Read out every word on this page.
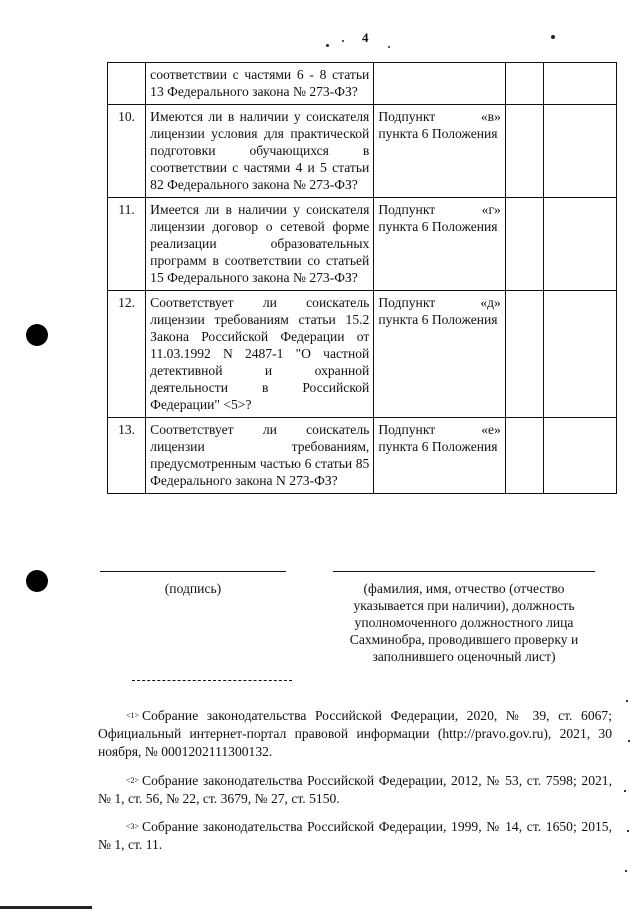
4
	соответствии с частями 6 - 8 статьи 13 Федерального закона № 273-ФЗ?			
10.	Имеются ли в наличии у соискателя лицензии условия для практической подготовки обучающихся в соответствии с частями 4 и 5 статьи 82 Федерального закона № 273-ФЗ?	Подпункт «в» пункта 6 Положения		
11.	Имеется ли в наличии у соискателя лицензии договор о сетевой форме реализации образовательных программ в соответствии со статьей 15 Федерального закона № 273-ФЗ?	Подпункт «г» пункта 6 Положения		
12.	Соответствует ли соискатель лицензии требованиям статьи 15.2 Закона Российской Федерации от 11.03.1992 N 2487-1 "О частной детективной и охранной деятельности в Российской Федерации" <5>?	Подпункт «д» пункта 6 Положения		
13.	Соответствует ли соискатель лицензии требованиям, предусмотренным частью 6 статьи 85 Федерального закона N 273-ФЗ?	Подпункт «е» пункта 6 Положения		
(подпись)	(фамилия, имя, отчество (отчество указывается при наличии), должность уполномоченного должностного лица Сахминобра, проводившего проверку и заполнившего оценочный лист)
<1> Собрание законодательства Российской Федерации, 2020, № 39, ст. 6067; Официальный интернет-портал правовой информации (http://pravo.gov.ru), 2021, 30 ноября, № 0001202111300132.
<2> Собрание законодательства Российской Федерации, 2012, № 53, ст. 7598; 2021, № 1, ст. 56, № 22, ст. 3679, № 27, ст. 5150.
<3> Собрание законодательства Российской Федерации, 1999, № 14, ст. 1650; 2015, № 1, ст. 11.
